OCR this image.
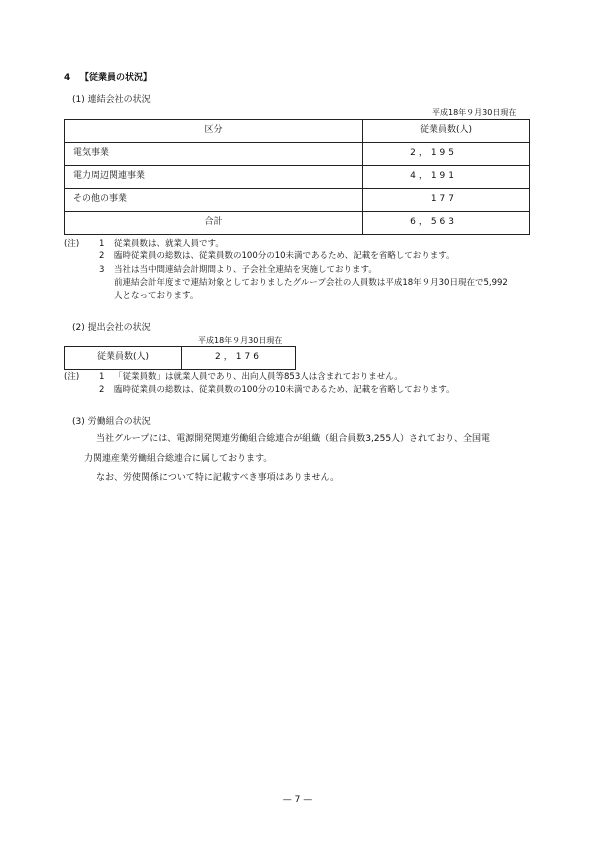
4 【従業員の状況】
(1) 連結会社の状況
平成18年９月30日現在
区分	従業員数(人)
電気事業	2，195
電力周辺関連事業	4，191
その他の事業	177
合計	6，563
(注) 1 従業員数は、就業人員です。
2 臨時従業員の総数は、従業員数の100分の10未満であるため、記載を省略しております。
3 当社は当中間連結会計期間より、子会社全連結を実施しております。
前連結会計年度まで連結対象としておりましたグループ会社の人員数は平成18年９月30日現在で5,992
人となっております。
(2) 提出会社の状況
平成18年９月30日現在
従業員数(人)	2，176
(注) 1 「従業員数」は就業人員であり、出向人員等853人は含まれておりません。
2 臨時従業員の総数は、従業員数の100分の10未満であるため、記載を省略しております。
(3) 労働組合の状況
当社グループには、電源開発関連労働組合総連合が組織（組合員数3,255人）されており、全国電
力関連産業労働組合総連合に属しております。
なお、労使関係について特に記載すべき事項はありません。
— 7 —
